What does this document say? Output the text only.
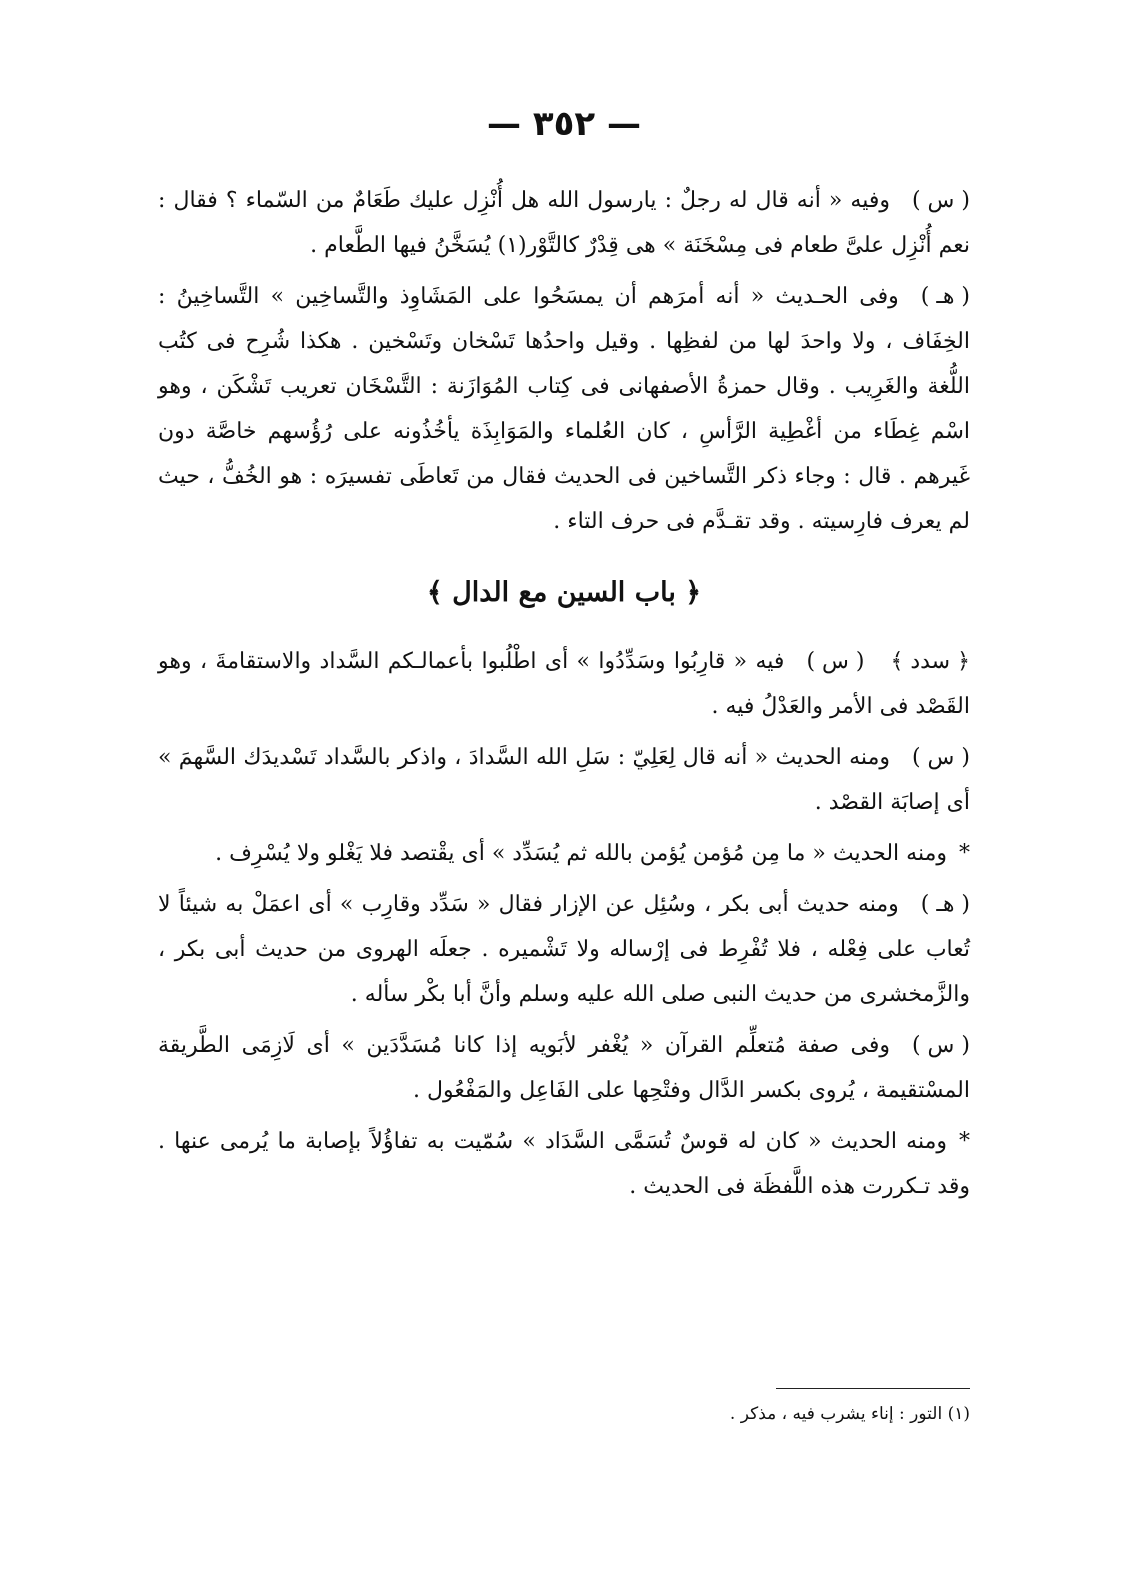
— ٣٥٢ —

( س )وفيه « أنه قال له رجلٌ : يارسول الله هل أُنْزِل عليك طَعَامٌ من السّماء ؟ فقال : نعم أُنْزِل علىَّ طعام فى مِسْخَنَة » هى قِدْرٌ كالتَّوْر(١) يُسَخَّنُ فيها الطَّعام .

( هـ )وفى الحـديث « أنه أمرَهم أن يمسَحُوا على المَشَاوِذ والتَّساخِين » التَّساخِينُ : الخِفَاف ، ولا واحدَ لها من لفظِها . وقيل واحدُها تَسْخان وتَسْخين . هكذا شُرِح فى كتُب اللُّغة والغَرِيب . وقال حمزةُ الأصفهانى فى كِتاب المُوَازَنة : التَّسْخَان تعريب تَشْكَن ، وهو اسْم غِطَاء من أغْطِية الرَّأسِ ، كان العُلماء والمَوَابِذَة يأخُذُونه على رُؤُسهم خاصَّة دون غَيرهم . قال : وجاء ذكر التَّساخين فى الحديث فقال من تَعاطَى تفسيرَه : هو الخُفُّ ، حيث لم يعرف فارِسيته . وقد تقـدَّم فى حرف التاء .

﴿ باب السين مع الدال ﴾

﴿ سدد ﴾( س )فيه « قارِبُوا وسَدِّدُوا » أى اطْلُبوا بأعمالـكم السَّداد والاستقامةَ ، وهو القَصْد فى الأمر والعَدْلُ فيه .

( س )ومنه الحديث « أنه قال لِعَلِيّ : سَلِ الله السَّدادَ ، واذكر بالسَّداد تَسْديدَك السَّهمَ » أى إصابَة القصْد .

*ومنه الحديث « ما مِن مُؤمن يُؤمن بالله ثم يُسَدِّد » أى يقْتصد فلا يَغْلو ولا يُسْرِف .

( هـ )ومنه حديث أبى بكر ، وسُئِل عن الإزار فقال « سَدِّد وقارِب » أى اعمَلْ به شيئاً لا تُعاب على فِعْله ، فلا تُفْرِط فى إرْساله ولا تَشْميره . جعلَه الهروى من حديث أبى بكر ، والزَّمخشرى من حديث النبى صلى الله عليه وسلم وأنَّ أبا بكْر سأله .

( س )وفى صفة مُتعلِّم القرآن « يُغْفر لأبَويه إذا كانا مُسَدَّدَين » أى لَازِمَى الطَّريقة المسْتقيمة ، يُروى بكسر الدَّال وفتْحِها على الفَاعِل والمَفْعُول .

*ومنه الحديث « كان له قوسٌ تُسَمَّى السَّدَاد » سُمّيت به تفاؤُلاً بإصابة ما يُرمى عنها . وقد تـكررت هذه اللَّفظَة فى الحديث .

(١) التور : إناء يشرب فيه ، مذكر .
